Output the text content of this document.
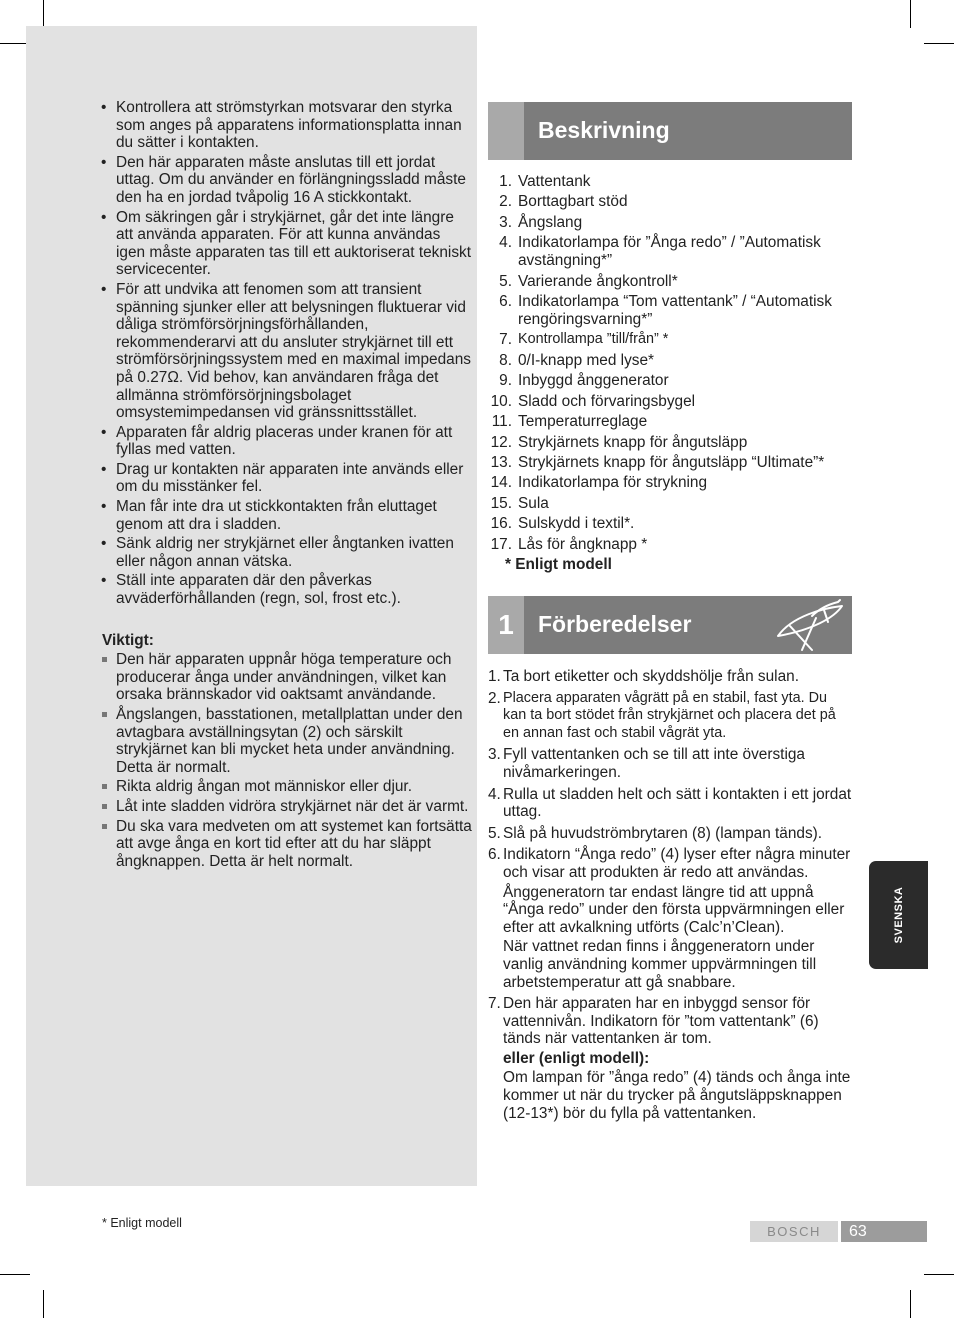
• Kontrollera att strömstyrkan motsvarar den styrka som anges på apparatens informationsplatta innan du sätter i kontakten.
• Den här apparaten måste anslutas till ett jordat uttag. Om du använder en förlängningssladd måste den ha en jordad tvåpolig 16 A stickkontakt.
• Om säkringen går i strykjärnet, går det inte längre att använda apparaten. För att kunna användas igen måste apparaten tas till ett auktoriserat tekniskt servicecenter.
• För att undvika att fenomen som att transient spänning sjunker eller att belysningen fluktuerar vid dåliga strömförsörjningsförhållanden, rekommenderarvi att du ansluter strykjärnet till ett strömförsörjningssystem med en maximal impedans på 0.27Ω. Vid behov, kan användaren fråga det allmänna strömförsörjningsbolaget omsystemimpedansen vid gränssnittsstället.
• Apparaten får aldrig placeras under kranen för att fyllas med vatten.
• Drag ur kontakten när apparaten inte används eller om du misstänker fel.
• Man får inte dra ut stickkontakten från eluttaget genom att dra i sladden.
• Sänk aldrig ner strykjärnet eller ångtanken ivatten eller någon annan vätska.
• Ställ inte apparaten där den påverkas avväderförhållanden (regn, sol, frost etc.).
Viktigt:
Den här apparaten uppnår höga temperature och producerar ånga under användningen, vilket kan orsaka brännskador vid oaktsamt användande.
Ångslangen, basstationen, metallplattan under den avtagbara avställningsytan (2) och särskilt strykjärnet kan bli mycket heta under användning. Detta är normalt.
Rikta aldrig ångan mot människor eller djur.
Låt inte sladden vidröra strykjärnet när det är varmt.
Du ska vara medveten om att systemet kan fortsätta att avge ånga en kort tid efter att du har släppt ångknappen. Detta är helt normalt.
Beskrivning
1. Vattentank
2. Borttagbart stöd
3. Ångslang
4. Indikatorlampa för ”Ånga redo” / ”Automatisk avstängning*”
5. Varierande ångkontroll*
6. Indikatorlampa “Tom vattentank” / “Automatisk rengöringsvarning*”
7. Kontrollampa ”till/från” *
8. 0/I-knapp med lyse*
9. Inbyggd ånggenerator
10. Sladd och förvaringsbygel
11. Temperaturreglage
12. Strykjärnets knapp för ångutsläpp
13. Strykjärnets knapp för ångutsläpp “Ultimate”*
14. Indikatorlampa för strykning
15. Sula
16. Sulskydd i textil*.
17. Lås för ångknapp *
* Enligt modell
1	Förberedelser
1. Ta bort etiketter och skyddshölje från sulan.

2. Placera apparaten vågrätt på en stabil, fast yta. Du kan ta bort stödet från strykjärnet och placera det på en annan fast och stabil vågrät yta.

3. Fyll vattentanken och se till att inte överstiga nivåmarkeringen.

4. Rulla ut sladden helt och sätt i kontakten i ett jordat uttag.

5. Slå på huvudströmbrytaren (8) (lampan tänds).

6. Indikatorn “Ånga redo” (4) lyser efter några minuter och visar att produkten är redo att användas.

Ånggeneratorn tar endast längre tid att uppnå “Ånga redo” under den första uppvärmningen eller efter att avkalkning utförts (Calc’n’Clean).

När vattnet redan finns i ånggeneratorn under vanlig användning kommer uppvärmningen till arbetstemperatur att gå snabbare.

7. Den här apparaten har en inbyggd sensor för vattennivån. Indikatorn för ”tom vattentank” (6) tänds när vattentanken är tom.

eller (enligt modell):

Om lampan för ”ånga redo” (4) tänds och ånga inte kommer ut när du trycker på ångutsläppsknappen (12-13*) bör du fylla på vattentanken.

SVENSKA
* Enligt modell
BOSCH	63
